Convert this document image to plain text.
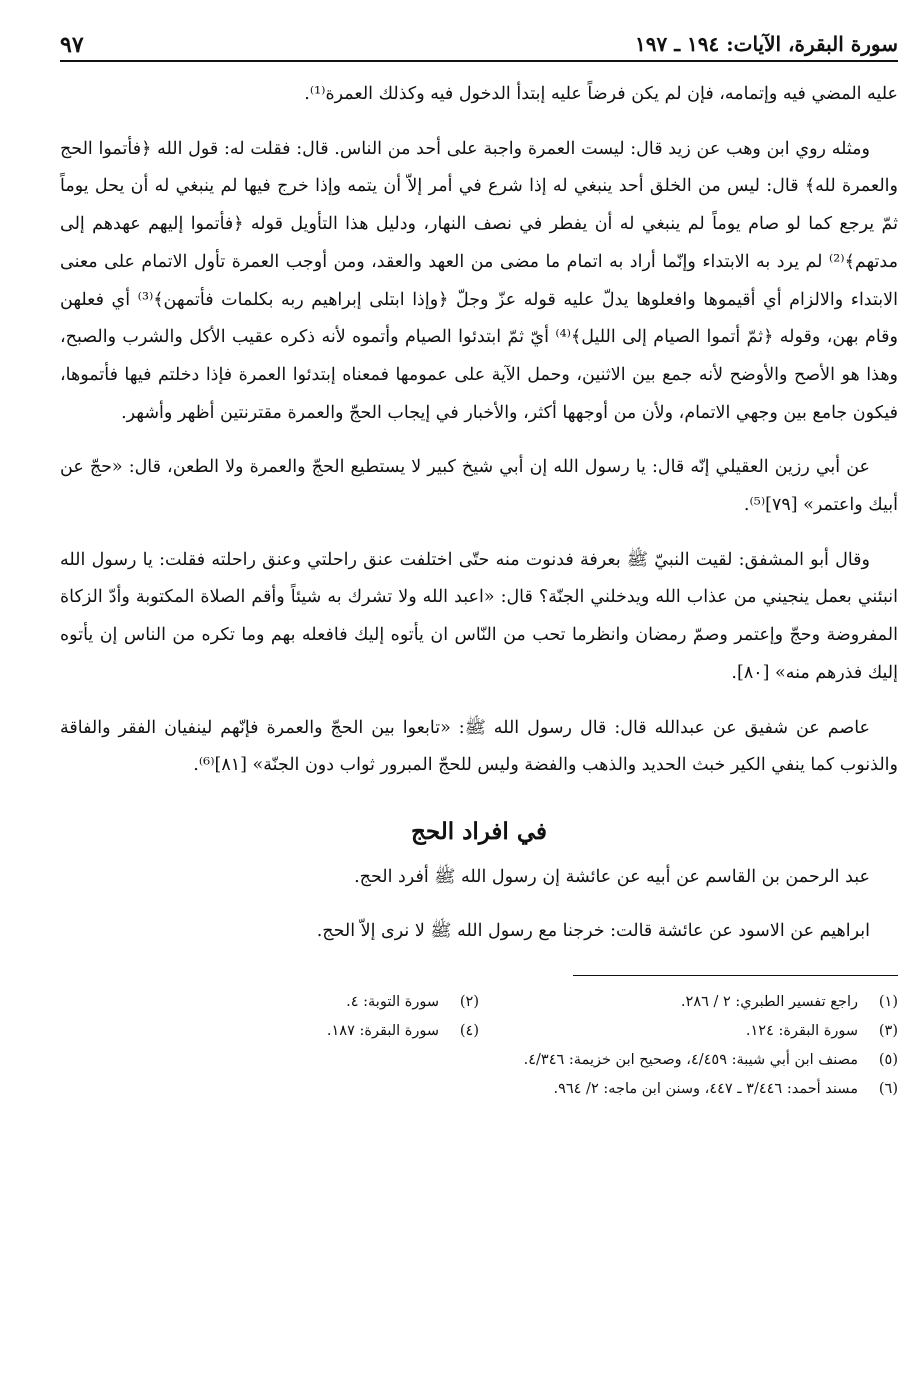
سورة البقرة، الآيات: ١٩٤ ـ ١٩٧
٩٧

عليه المضي فيه وإتمامه، فإن لم يكن فرضاً عليه إبتدأ الدخول فيه وكذلك العمرة⁽¹⁾.

ومثله روي ابن وهب عن زيد قال: ليست العمرة واجبة على أحد من الناس. قال: فقلت له: قول الله ﴿فأتموا الحج والعمرة لله﴾ قال: ليس من الخلق أحد ينبغي له إذا شرع في أمر إلاّ أن يتمه وإذا خرج فيها لم ينبغي له أن يحل يوماً ثمّ يرجع كما لو صام يوماً لم ينبغي له أن يفطر في نصف النهار، ودليل هذا التأويل قوله ﴿فأتموا إليهم عهدهم إلى مدتهم﴾⁽²⁾ لم يرد به الابتداء وإنّما أراد به اتمام ما مضى من العهد والعقد، ومن أوجب العمرة تأول الاتمام على معنى الابتداء والالزام أي أقيموها وافعلوها يدلّ عليه قوله عزّ وجلّ ﴿وإذا ابتلى إبراهيم ربه بكلمات فأتمهن﴾⁽³⁾ أي فعلهن وقام بهن، وقوله ﴿ثمّ أتموا الصيام إلى الليل﴾⁽⁴⁾ أيّ ثمّ ابتدئوا الصيام وأتموه لأنه ذكره عقيب الأكل والشرب والصبح، وهذا هو الأصح والأوضح لأنه جمع بين الاثنين، وحمل الآية على عمومها فمعناه إبتدئوا العمرة فإذا دخلتم فيها فأتموها، فيكون جامع بين وجهي الاتمام، ولأن من أوجهها أكثر، والأخبار في إيجاب الحجّ والعمرة مقترنتين أظهر وأشهر.

عن أبي رزين العقيلي إنّه قال: يا رسول الله إن أبي شيخ كبير لا يستطيع الحجّ والعمرة ولا الطعن، قال: «حجّ عن أبيك واعتمر» [٧٩]⁽⁵⁾.

وقال أبو المشفق: لقيت النبيّ ﷺ بعرفة فدنوت منه حتّى اختلفت عنق راحلتي وعنق راحلته فقلت: يا رسول الله انبئني بعمل ينجيني من عذاب الله ويدخلني الجنّة؟ قال: «اعبد الله ولا تشرك به شيئاً وأقم الصلاة المكتوبة وأدّ الزكاة المفروضة وحجّ وإعتمر وصمّ رمضان وانظرما تحب من النّاس ان يأتوه إليك فافعله بهم وما تكره من الناس إن يأتوه إليك فذرهم منه» [٨٠].

عاصم عن شفيق عن عبدالله قال: قال رسول الله ﷺ: «تابعوا بين الحجّ والعمرة فإنّهم لينفيان الفقر والفاقة والذنوب كما ينفي الكير خبث الحديد والذهب والفضة وليس للحجّ المبرور ثواب دون الجنّة» [٨١]⁽⁶⁾.

في افراد الحج

عبد الرحمن بن القاسم عن أبيه عن عائشة إن رسول الله ﷺ أفرد الحج.

ابراهيم عن الاسود عن عائشة قالت: خرجنا مع رسول الله ﷺ لا نرى إلاّ الحج.

(١)
راجع تفسير الطبري: ٢ / ٢٨٦.
(٢)
سورة التوبة: ٤.
(٣)
سورة البقرة: ١٢٤.
(٤)
سورة البقرة: ١٨٧.
(٥)
مصنف ابن أبي شيبة: ٤/٤٥٩، وصحيح ابن خزيمة: ٤/٣٤٦.
(٦)
مسند أحمد: ٣/٤٤٦ ـ ٤٤٧، وسنن ابن ماجه: ٢/ ٩٦٤.
